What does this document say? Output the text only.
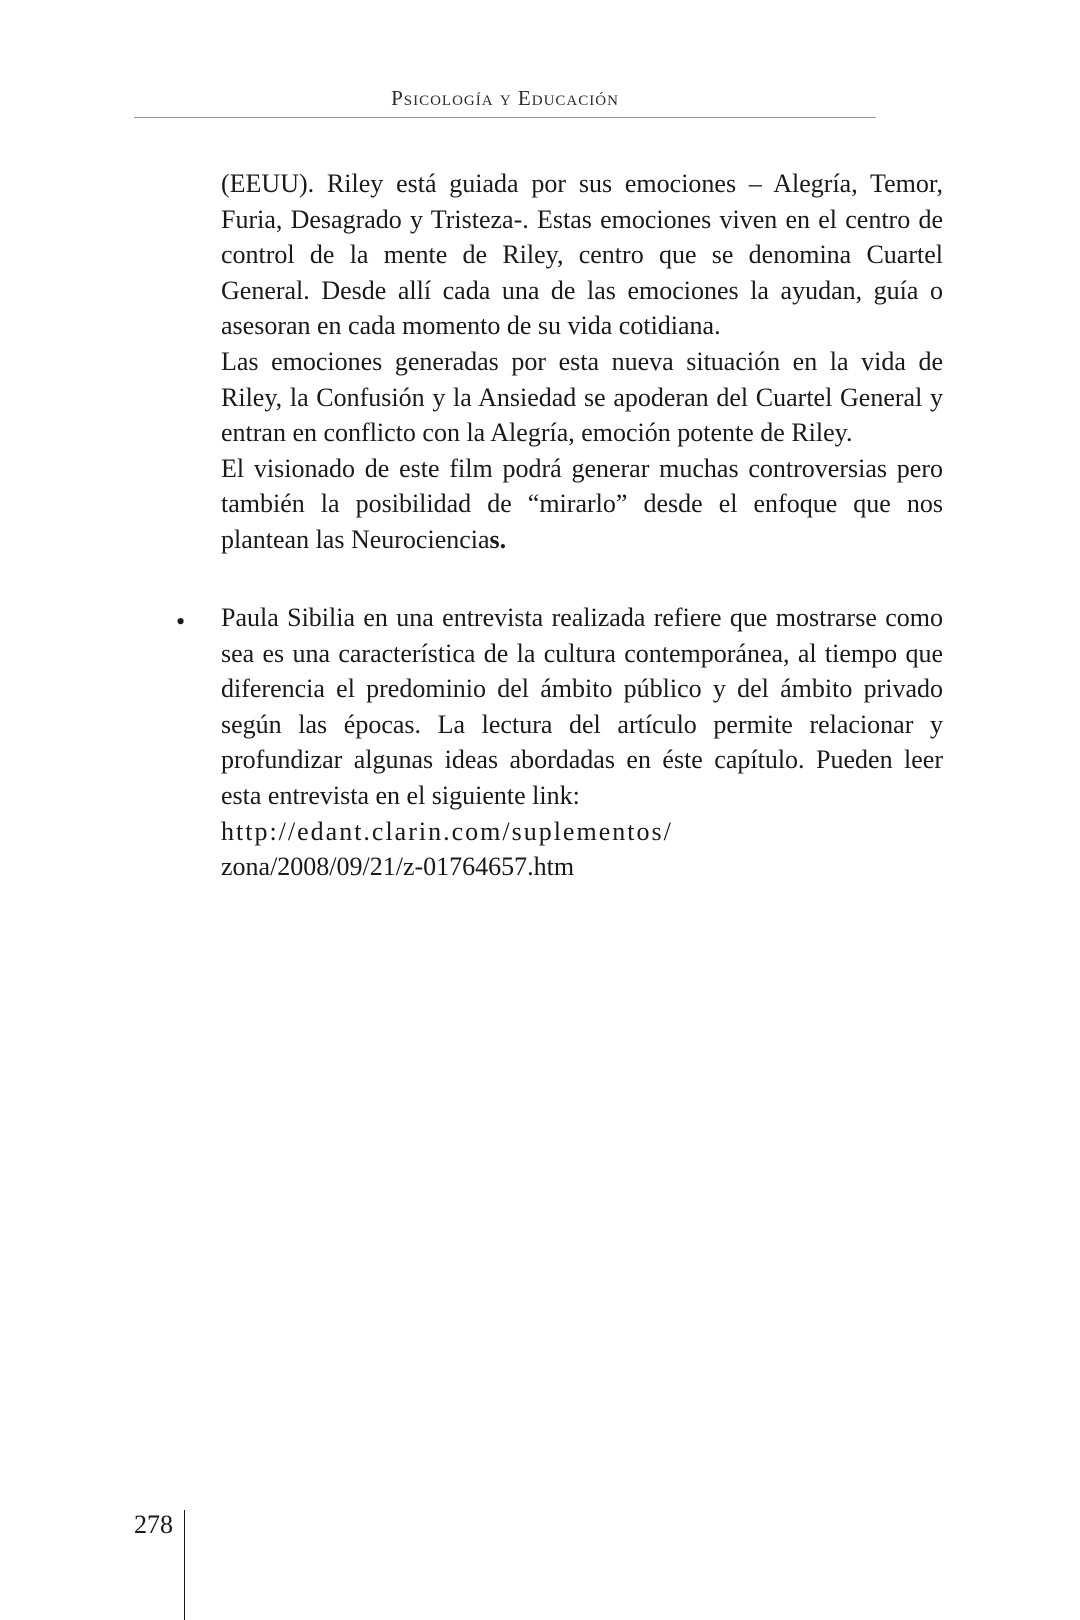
Psicología y Educación

(EEUU). Riley está guiada por sus emociones – Alegría, Temor, Furia, Desagrado y Tristeza-. Estas emociones viven en el centro de control de la mente de Riley, centro que se denomina Cuartel General. Desde allí cada una de las emociones la ayudan, guía o asesoran en cada momento de su vida cotidiana.

Las emociones generadas por esta nueva situación en la vida de Riley, la Confusión y la Ansiedad se apoderan del Cuartel General y entran en conflicto con la Alegría, emoción potente de Riley.

El visionado de este film podrá generar muchas controversias pero también la posibilidad de “mirarlo” desde el enfoque que nos plantean las Neurociencias.

• Paula Sibilia en una entrevista realizada refiere que mostrarse como sea es una característica de la cultura contemporánea, al tiempo que diferencia el predominio del ámbito público y del ámbito privado según las épocas. La lectura del artículo permite relacionar y profundizar algunas ideas abordadas en éste capítulo. Pueden leer esta entrevista en el siguiente link:

http://edant.clarin.com/suplementos/
zona/2008/09/21/z-01764657.htm
278
